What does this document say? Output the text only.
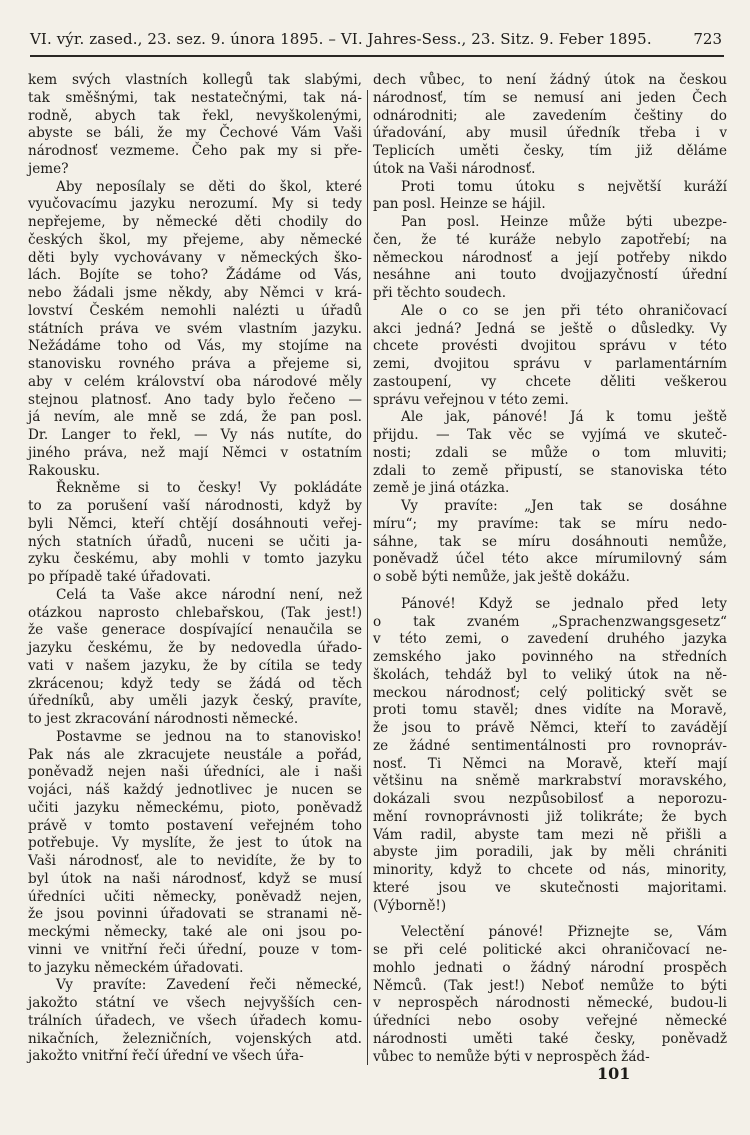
VI. výr. zased., 23. sez. 9. února 1895. – VI. Jahres-Sess., 23. Sitz. 9. Feber 1895.	723
kem svých vlastních kollegů tak slabými,
tak směšnými, tak nestatečnými, tak ná-
rodně, abych tak řekl, nevyškolenými,
abyste se báli, že my Čechové Vám Vaši
národnosť vezmeme. Čeho pak my si pře-
jeme?
Aby neposílaly se děti do škol, které
vyučovacímu jazyku nerozumí. My si tedy
nepřejeme, by německé děti chodily do
českých škol, my přejeme, aby německé
děti byly vychovávany v německých ško-
lách. Bojíte se toho? Žádáme od Vás,
nebo žádali jsme někdy, aby Němci v krá-
lovství Českém nemohli nalézti u úřadů
státních práva ve svém vlastním jazyku.
Nežádáme toho od Vás, my stojíme na
stanovisku rovného práva a přejeme si,
aby v celém království oba národové měly
stejnou platnosť. Ano tady bylo řečeno —
já nevím, ale mně se zdá, že pan posl.
Dr. Langer to řekl, — Vy nás nutíte, do
jiného práva, než mají Němci v ostatním
Rakousku.
Řekněme si to česky! Vy pokládáte
to za porušení vaší národnosti, když by
byli Němci, kteří chtějí dosáhnouti veřej-
ných statních úřadů, nuceni se učiti ja-
zyku českému, aby mohli v tomto jazyku
po případě také úřadovati.
Celá ta Vaše akce národní není, než
otázkou naprosto chlebařskou, (Tak jest!)
že vaše generace dospívající nenaučila se
jazyku českému, že by nedovedla úřado-
vati v našem jazyku, že by cítila se tedy
zkrácenou; když tedy se žádá od těch
úředníků, aby uměli jazyk český, pravíte,
to jest zkracování národnosti německé.
Postavme se jednou na to stanovisko!
Pak nás ale zkracujete neustále a pořád,
poněvadž nejen naši úředníci, ale i naši
vojáci, náš každý jednotlivec je nucen se
učiti jazyku německému, pioto, poněvadž
právě v tomto postavení veřejném toho
potřebuje. Vy myslíte, že jest to útok na
Vaši národnosť, ale to nevidíte, že by to
byl útok na naši národnosť, když se musí
úředníci učiti německy, poněvadž nejen,
že jsou povinni úřadovati se stranami ně-
meckými německy, také ale oni jsou po-
vinni ve vnitřní řeči úřední, pouze v tom-
to jazyku německém úřadovati.
Vy pravíte: Zavedení řeči německé,
jakožto státní ve všech nejvyšších cen-
trálních úřadech, ve všech úřadech komu-
nikačních, železničních, vojenských atd.
jakožto vnitřní řečí úřední ve všech úřa-
dech vůbec, to není žádný útok na českou
národnosť, tím se nemusí ani jeden Čech
odnárodniti; ale zavedením češtiny do
úřadování, aby musil úředník třeba i v
Teplicích uměti česky, tím již děláme
útok na Vaši národnosť.
Proti tomu útoku s největší kuráží
pan posl. Heinze se hájil.
Pan posl. Heinze může býti ubezpe-
čen, že té kuráže nebylo zapotřebí; na
německou národnosť a její potřeby nikdo
nesáhne ani touto dvojjazyčností úřední
při těchto soudech.
Ale o co se jen při této ohraničovací
akci jedná? Jedná se ještě o důsledky. Vy
chcete provésti dvojitou správu v této
zemi, dvojitou správu v parlamentárním
zastoupení, vy chcete děliti veškerou
správu veřejnou v této zemi.
Ale jak, pánové! Já k tomu ještě
přijdu. — Tak věc se vyjímá ve skuteč-
nosti; zdali se může o tom mluviti;
zdali to země připustí, se stanoviska této
země je jiná otázka.
Vy pravíte: „Jen tak se dosáhne
míru“; my pravíme: tak se míru nedo-
sáhne, tak se míru dosáhnouti nemůže,
poněvadž účel této akce mírumilovný sám
o sobě býti nemůže, jak ještě dokážu.
Pánové! Když se jednalo před lety
o tak zvaném „Sprachenzwangsgesetz“
v této zemi, o zavedení druhého jazyka
zemského jako povinného na středních
školách, tehdáž byl to veliký útok na ně-
meckou národnosť; celý politický svět se
proti tomu stavěl; dnes vidíte na Moravě,
že jsou to právě Němci, kteří to zavádějí
ze žádné sentimentálnosti pro rovnopráv-
nosť. Ti Němci na Moravě, kteří mají
většinu na sněmě markrabství moravského,
dokázali svou nezpůsobilosť a neporozu-
mění rovnoprávnosti již tolikráte; že bych
Vám radil, abyste tam mezi ně přišli a
abyste jim poradili, jak by měli chrániti
minority, když to chcete od nás, minority,
které jsou ve skutečnosti majoritami.
(Výborně!)
Velectění pánové! Přiznejte se, Vám
se při celé politické akci ohraničovací ne-
mohlo jednati o žádný národní prospěch
Němců. (Tak jest!) Neboť nemůže to býti
v neprospěch národnosti německé, budou-li
úředníci nebo osoby veřejné německé
národnosti uměti také česky, poněvadž
vůbec to nemůže býti v neprospěch žád-
101
